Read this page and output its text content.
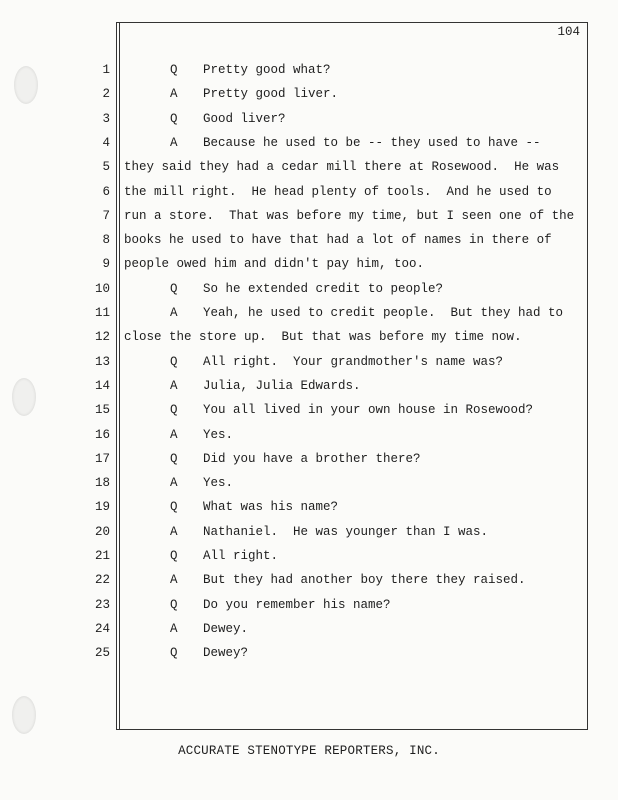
104
1	Q Pretty good what?
2	A Pretty good liver.
3	Q Good liver?
4	A Because he used to be -- they used to have --
5 they said they had a cedar mill there at Rosewood.  He was
6 the mill right.  He head plenty of tools.  And he used to
7 run a store.  That was before my time, but I seen one of the
8 books he used to have that had a lot of names in there of
9 people owed him and didn't pay him, too.
10	Q So he extended credit to people?
11	A Yeah, he used to credit people.  But they had to
12 close the store up.  But that was before my time now.
13	Q All right.  Your grandmother's name was?
14	A Julia, Julia Edwards.
15	Q You all lived in your own house in Rosewood?
16	A Yes.
17	Q Did you have a brother there?
18	A Yes.
19	Q What was his name?
20	A Nathaniel.  He was younger than I was.
21	Q All right.
22	A But they had another boy there they raised.
23	Q Do you remember his name?
24	A Dewey.
25	Q Dewey?
ACCURATE STENOTYPE REPORTERS, INC.
